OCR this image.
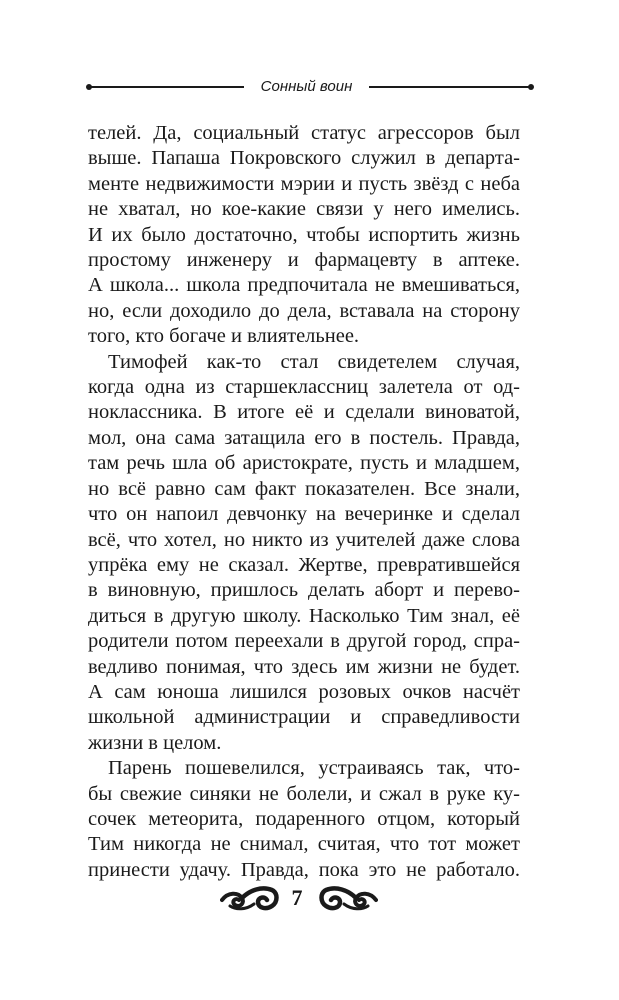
Сонный воин

телей. Да, социальный статус агрессоров был
выше. Папаша Покровского служил в департа-
менте недвижимости мэрии и пусть звёзд с неба
не хватал, но кое-какие связи у него имелись.
И их было достаточно, чтобы испортить жизнь
простому инженеру и фармацевту в аптеке.
А школа... школа предпочитала не вмешиваться,
но, если доходило до дела, вставала на сторону
того, кто богаче и влиятельнее.

Тимофей как-то стал свидетелем случая,
когда одна из старшеклассниц залетела от од-
ноклассника. В итоге её и сделали виноватой,
мол, она сама затащила его в постель. Правда,
там речь шла об аристократе, пусть и младшем,
но всё равно сам факт показателен. Все знали,
что он напоил девчонку на вечеринке и сделал
всё, что хотел, но никто из учителей даже слова
упрёка ему не сказал. Жертве, превратившейся
в виновную, пришлось делать аборт и перево-
диться в другую школу. Насколько Тим знал, её
родители потом переехали в другой город, спра-
ведливо понимая, что здесь им жизни не будет.
А сам юноша лишился розовых очков насчёт
школьной администрации и справедливости
жизни в целом.

Парень пошевелился, устраиваясь так, что-
бы свежие синяки не болели, и сжал в руке ку-
сочек метеорита, подаренного отцом, который
Тим никогда не снимал, считая, что тот может
принести удачу. Правда, пока это не работало.

7
